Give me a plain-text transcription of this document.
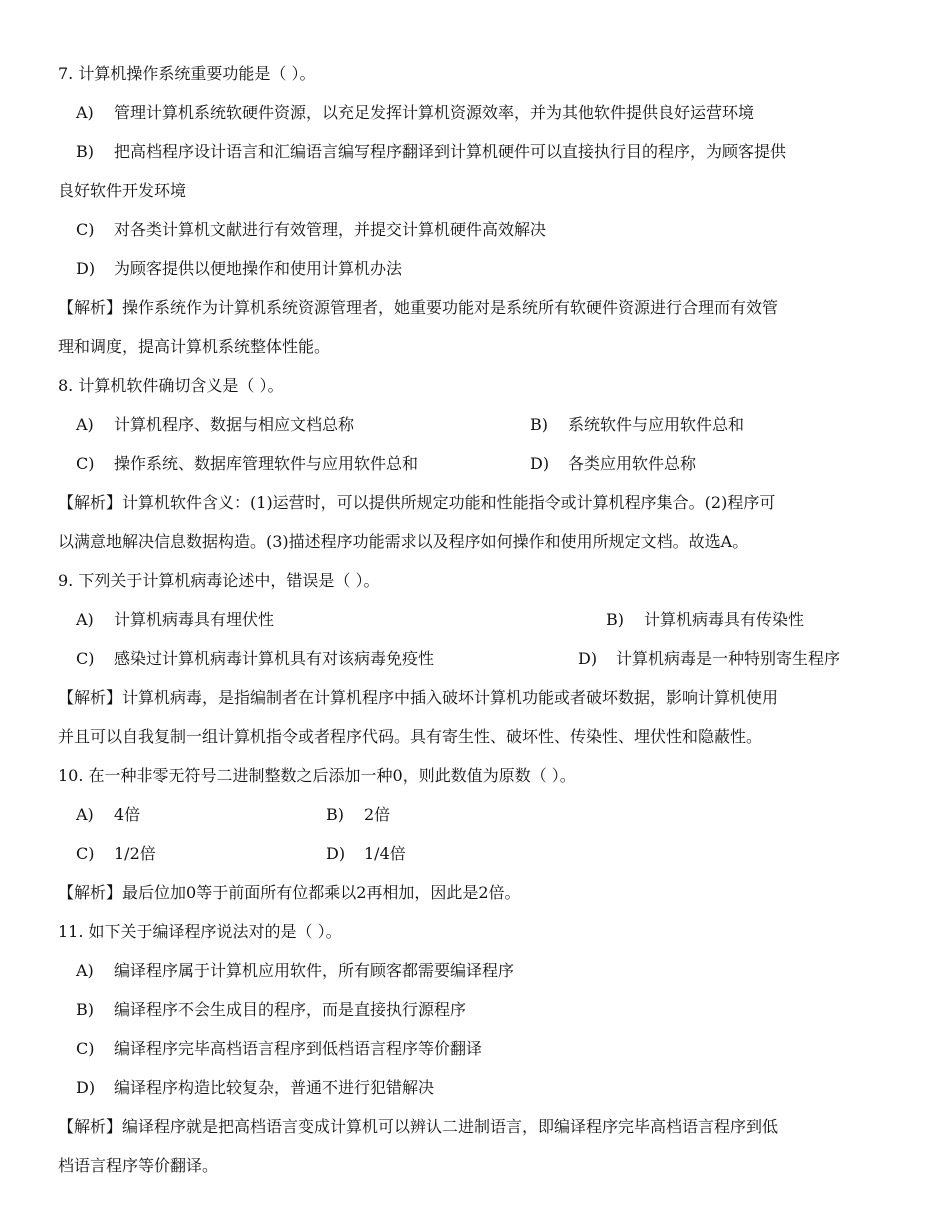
7. 计算机操作系统重要功能是（ ）。
A) 管理计算机系统软硬件资源，以充足发挥计算机资源效率，并为其他软件提供良好运营环境
B) 把高档程序设计语言和汇编语言编写程序翻译到计算机硬件可以直接执行目的程序，为顾客提供
良好软件开发环境
C) 对各类计算机文献进行有效管理，并提交计算机硬件高效解决
D) 为顾客提供以便地操作和使用计算机办法
【解析】操作系统作为计算机系统资源管理者，她重要功能对是系统所有软硬件资源进行合理而有效管
理和调度，提高计算机系统整体性能。
8. 计算机软件确切含义是（ ）。
A) 计算机程序、数据与相应文档总称	B) 系统软件与应用软件总和
C) 操作系统、数据库管理软件与应用软件总和	D) 各类应用软件总称
【解析】计算机软件含义：(1)运营时，可以提供所规定功能和性能指令或计算机程序集合。(2)程序可
以满意地解决信息数据构造。(3)描述程序功能需求以及程序如何操作和使用所规定文档。故选A。
9. 下列关于计算机病毒论述中，错误是（ ）。
A) 计算机病毒具有埋伏性	B) 计算机病毒具有传染性
C) 感染过计算机病毒计算机具有对该病毒免疫性	D) 计算机病毒是一种特别寄生程序
【解析】计算机病毒，是指编制者在计算机程序中插入破坏计算机功能或者破坏数据，影响计算机使用
并且可以自我复制一组计算机指令或者程序代码。具有寄生性、破坏性、传染性、埋伏性和隐蔽性。
10. 在一种非零无符号二进制整数之后添加一种0，则此数值为原数（ ）。
A) 4倍	B) 2倍
C) 1/2倍	D) 1/4倍
【解析】最后位加0等于前面所有位都乘以2再相加，因此是2倍。
11. 如下关于编译程序说法对的是（ ）。
A) 编译程序属于计算机应用软件，所有顾客都需要编译程序
B) 编译程序不会生成目的程序，而是直接执行源程序
C) 编译程序完毕高档语言程序到低档语言程序等价翻译
D) 编译程序构造比较复杂，普通不进行犯错解决
【解析】编译程序就是把高档语言变成计算机可以辨认二进制语言，即编译程序完毕高档语言程序到低
档语言程序等价翻译。
